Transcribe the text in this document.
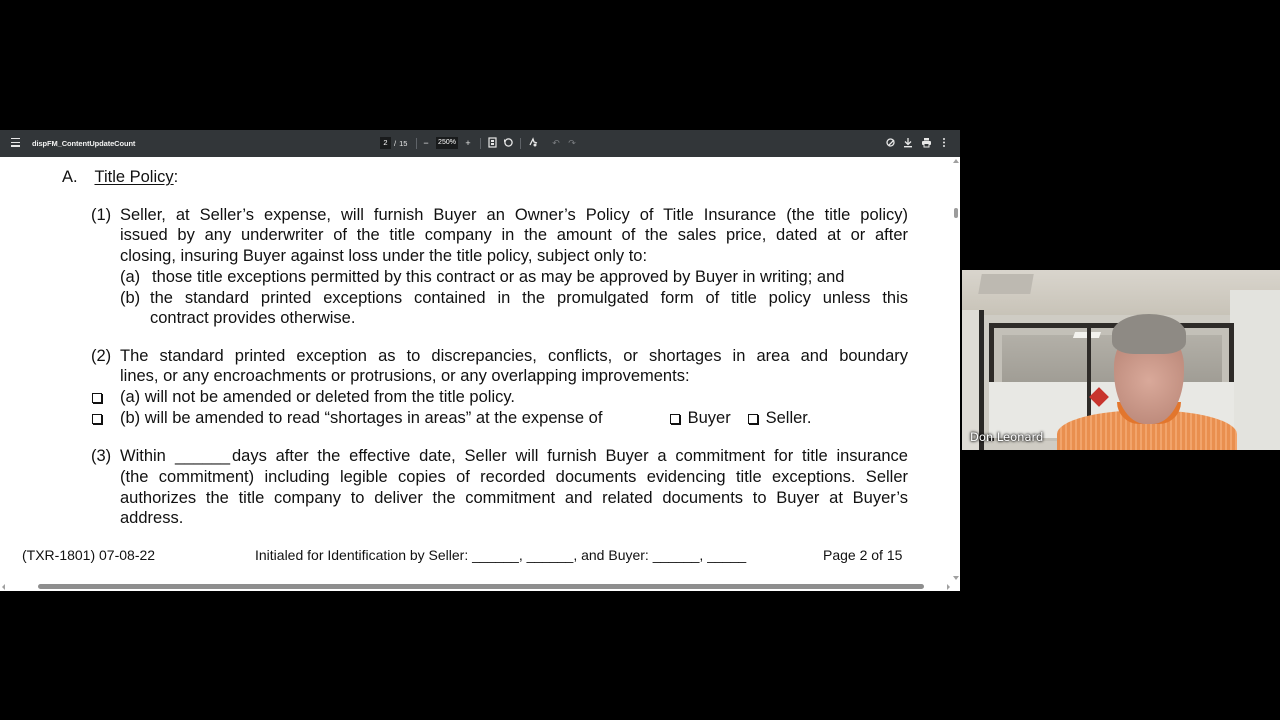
dispFM_ContentUpdateCount	2 / 15	−	250%	+	↶ ↷
A. Title Policy:
(1) Seller, at Seller’s expense, will furnish Buyer an Owner’s Policy of Title Insurance (the title policy)
issued by any underwriter of the title company in the amount of the sales price, dated at or after
closing, insuring Buyer against loss under the title policy, subject only to:
(a) those title exceptions permitted by this contract or as may be approved by Buyer in writing; and
(b) the standard printed exceptions contained in the promulgated form of title policy unless this
contract provides otherwise.
(2) The standard printed exception as to discrepancies, conflicts, or shortages in area and boundary
lines, or any encroachments or protrusions, or any overlapping improvements:
(a) will not be amended or deleted from the title policy.
(b) will be amended to read “shortages in areas” at the expense of	Buyer	Seller.
(3) Within ______ days after the effective date, Seller will furnish Buyer a commitment for title insurance
(the commitment) including legible copies of recorded documents evidencing title exceptions. Seller
authorizes the title company to deliver the commitment and related documents to Buyer at Buyer’s
address.
(TXR-1801) 07-08-22	Initialed for Identification by Seller: ______, ______, and Buyer: ______, _____	Page 2 of 15
Don Leonard
